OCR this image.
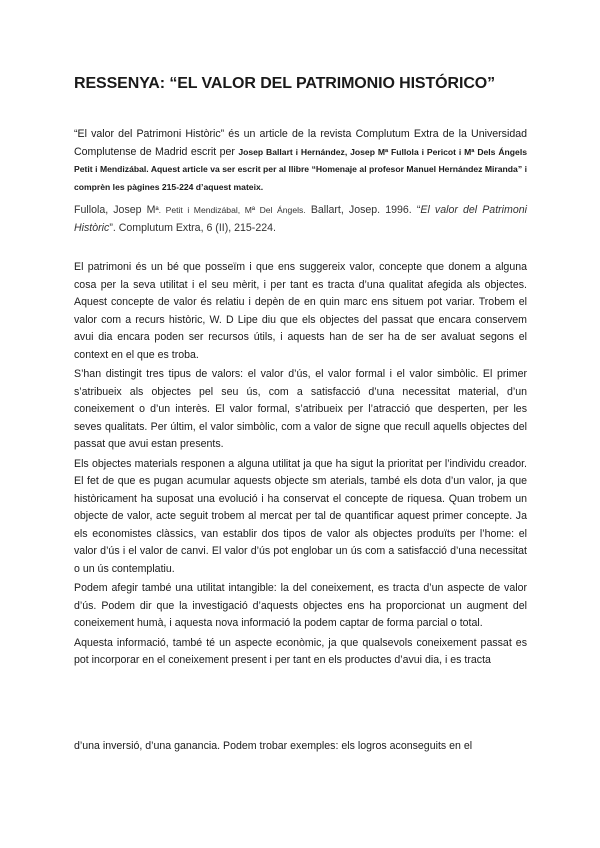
RESSENYA: “EL VALOR DEL PATRIMONIO HISTÓRICO”
“El valor del Patrimoni Històric” és un article de la revista Complutum Extra de la Universidad Complutense de Madrid escrit per Josep Ballart i Hernández, Josep Mª Fullola i Pericot i Mª Dels Ángels Petit i Mendizábal. Aquest article va ser escrit per al llibre “Homenaje al profesor Manuel Hernández Miranda” i comprèn les pàgines 215-224 d’aquest mateix.
Fullola, Josep Mª. Petit i Mendizábal, Mª Del Ángels. Ballart, Josep. 1996. “El valor del Patrimoni Històric”. Complutum Extra, 6 (II), 215-224.

El patrimoni és un bé que posseïm i que ens suggereix valor, concepte que donem a alguna cosa per la seva utilitat i el seu mèrit, i per tant es tracta d’una qualitat afegida als objectes. Aquest concepte de valor és relatiu i depèn de en quin marc ens situem pot variar. Trobem el valor com a recurs històric, W. D Lipe diu que els objectes del passat que encara conservem avui dia encara poden ser recursos útils, i aquests han de ser ha de ser avaluat segons el context en el que es troba.

S’han distingit tres tipus de valors: el valor d’ús, el valor formal i el valor simbòlic. El primer s’atribueix als objectes pel seu ús, com a satisfacció d’una necessitat material, d’un coneixement o d’un interès. El valor formal, s’atribueix per l’atracció que desperten, per les seves qualitats. Per últim, el valor simbòlic, com a valor de signe que recull aquells objectes del passat que avui estan presents.

Els objectes materials responen a alguna utilitat ja que ha sigut la prioritat per l’individu creador. El fet de que es pugan acumular aquests objecte sm aterials, també els dota d’un valor, ja que històricament ha suposat una evolució i ha conservat el concepte de riquesa. Quan trobem un objecte de valor, acte seguit trobem al mercat per tal de quantificar aquest primer concepte. Ja els economistes clàssics, van establir dos tipos de valor als objectes produïts per l’home: el valor d’ús i el valor de canvi. El valor d’ús pot englobar un ús com a satisfacció d’una necessitat o un ús contemplatiu.

Podem afegir també una utilitat intangible: la del coneixement, es tracta d’un aspecte de valor d’ús. Podem dir que la investigació d’aquests objectes ens ha proporcionat un augment del coneixement humà, i aquesta nova informació la podem captar de forma parcial o total.

Aquesta informació, també té un aspecte econòmic, ja que qualsevols coneixement passat es pot incorporar en el coneixement present i per tant en els productes d’avui dia, i es tracta

d’una inversió, d’una ganancia. Podem trobar exemples: els logros aconseguits en el
